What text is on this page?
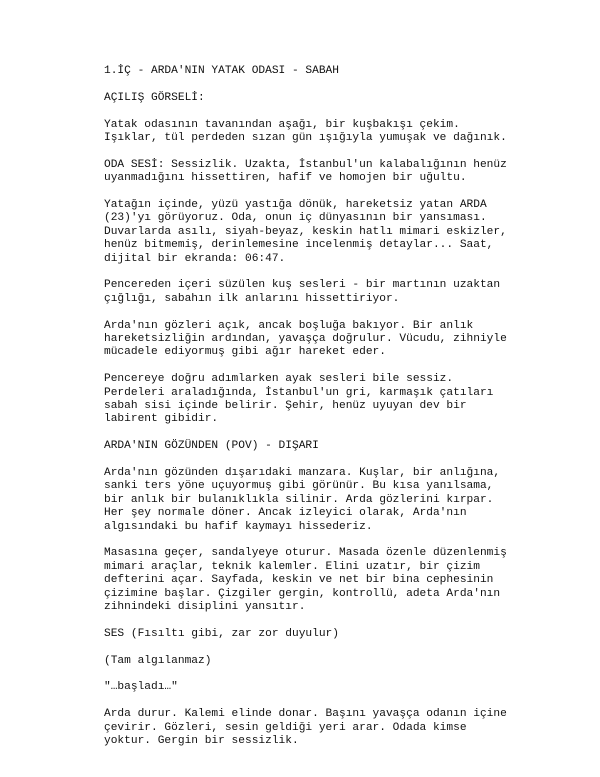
1.İÇ - ARDA'NIN YATAK ODASI - SABAH
AÇILIŞ GÖRSELİ:
Yatak odasının tavanından aşağı, bir kuşbakışı çekim.
Işıklar, tül perdeden sızan gün ışığıyla yumuşak ve dağınık.
ODA SESİ: Sessizlik. Uzakta, İstanbul'un kalabalığının henüz
uyanmadığını hissettiren, hafif ve homojen bir uğultu.
Yatağın içinde, yüzü yastığa dönük, hareketsiz yatan ARDA
(23)'yı görüyoruz. Oda, onun iç dünyasının bir yansıması.
Duvarlarda asılı, siyah-beyaz, keskin hatlı mimari eskizler,
henüz bitmemiş, derinlemesine incelenmiş detaylar... Saat,
dijital bir ekranda: 06:47.
Pencereden içeri süzülen kuş sesleri - bir martının uzaktan
çığlığı, sabahın ilk anlarını hissettiriyor.
Arda'nın gözleri açık, ancak boşluğa bakıyor. Bir anlık
hareketsizliğin ardından, yavaşça doğrulur. Vücudu, zihniyle
mücadele ediyormuş gibi ağır hareket eder.
Pencereye doğru adımlarken ayak sesleri bile sessiz.
Perdeleri araladığında, İstanbul'un gri, karmaşık çatıları
sabah sisi içinde belirir. Şehir, henüz uyuyan dev bir
labirent gibidir.
ARDA'NIN GÖZÜNDEN (POV) - DIŞARI
Arda'nın gözünden dışarıdaki manzara. Kuşlar, bir anlığına,
sanki ters yöne uçuyormuş gibi görünür. Bu kısa yanılsama,
bir anlık bir bulanıklıkla silinir. Arda gözlerini kırpar.
Her şey normale döner. Ancak izleyici olarak, Arda'nın
algısındaki bu hafif kaymayı hissederiz.
Masasına geçer, sandalyeye oturur. Masada özenle düzenlenmiş
mimari araçlar, teknik kalemler. Elini uzatır, bir çizim
defterini açar. Sayfada, keskin ve net bir bina cephesinin
çizimine başlar. Çizgiler gergin, kontrollü, adeta Arda'nın
zihnindeki disiplini yansıtır.
SES (Fısıltı gibi, zar zor duyulur)
(Tam algılanmaz)
"…başladı…"
Arda durur. Kalemi elinde donar. Başını yavaşça odanın içine
çevirir. Gözleri, sesin geldiği yeri arar. Odada kimse
yoktur. Gergin bir sessizlik.
